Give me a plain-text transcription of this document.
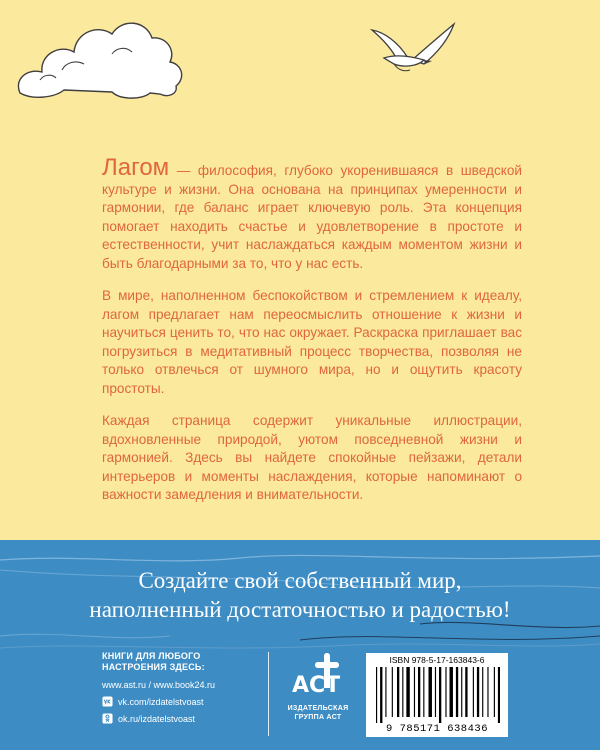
Лагом — философия, глубоко укоренившаяся в шведской культуре и жизни. Она основана на принципах умеренности и гармонии, где баланс играет ключевую роль. Эта концепция помогает находить счастье и удовлетворение в простоте и естественности, учит наслаждаться каждым моментом жизни и быть благодарными за то, что у нас есть.

В мире, наполненном беспокойством и стремлением к идеалу, лагом предлагает нам переосмыслить отношение к жизни и научиться ценить то, что нас окружает. Раскраска приглашает вас погрузиться в медитативный процесс творчества, позволяя не только отвлечься от шумного мира, но и ощутить красоту простоты.

Каждая страница содержит уникальные иллюстрации, вдохновленные природой, уютом повседневной жизни и гармонией. Здесь вы найдете спокойные пейзажи, детали интерьеров и моменты наслаждения, которые напоминают о важности замедления и внимательности.

Создайте свой собственный мир,
наполненный достаточностью и радостью!
КНИГИ ДЛЯ ЛЮБОГО
НАСТРОЕНИЯ ЗДЕСЬ:
www.ast.ru / www.book24.ru
vk.com/izdatelstvoast
ok.ru/izdatelstvoast
ACT
ИЗДАТЕЛЬСКАЯ
ГРУППА АСТ
ISBN 978-5-17-163843-6
9 785171 638436
